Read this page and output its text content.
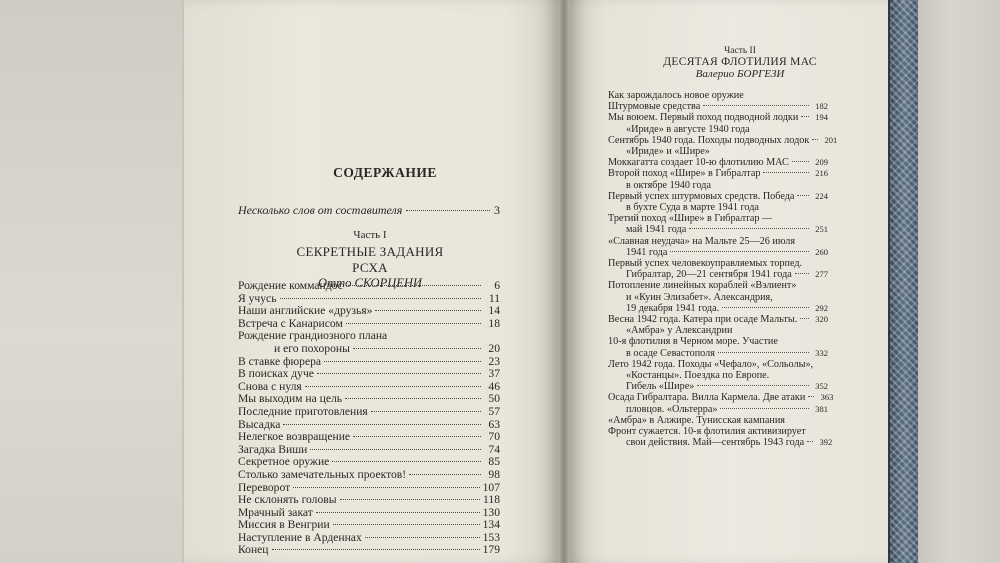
СОДЕРЖАНИЕ
Несколько слов от составителя	3
Часть I
СЕКРЕТНЫЕ ЗАДАНИЯ РСХА
Отто СКОРЦЕНИ
Рождение коммандос	6
Я учусь	11
Наши английские «друзья»	14
Встреча с Канарисом	18
Рождение грандиозного плана
и его похороны	20
В ставке фюрера	23
В поисках дуче	37
Снова с нуля	46
Мы выходим на цель	50
Последние приготовления	57
Высадка	63
Нелегкое возвращение	70
Загадка Виши	74
Секретное оружие	85
Столько замечательных проектов!	98
Переворот	107
Не склонять головы	118
Мрачный закат	130
Миссия в Венгрии	134
Наступление в Арденнах	153
Конец	179
Часть II
ДЕСЯТАЯ ФЛОТИЛИЯ МАС
Валерио БОРГЕЗИ
Как зарождалось новое оружие
Штурмовые средства	182
Мы воюем. Первый поход подводной лодки	194
«Ириде» в августе 1940 года
Сентябрь 1940 года. Походы подводных лодок	201
«Ириде» и «Шире»
Моккагатта создает 10-ю флотилию МАС	209
Второй поход «Шире» в Гибралтар	216
в октябре 1940 года
Первый успех штурмовых средств. Победа	224
в бухте Суда в марте 1941 года
Третий поход «Шире» в Гибралтар —
май 1941 года	251
«Славная неудача» на Мальте 25—26 июля
1941 года	260
Первый успех человекоуправляемых торпед.
Гибралтар, 20—21 сентября 1941 года	277
Потопление линейных кораблей «Вэлиент»
и «Куин Элизабет». Александрия,
19 декабря 1941 года.	292
Весна 1942 года. Катера при осаде Мальты.	320
«Амбра» у Александрии
10-я флотилия в Черном море. Участие
в осаде Севастополя	332
Лето 1942 года. Походы «Чефало», «Сольолы»,
«Костанцы». Поездка по Европе.
Гибель «Шире»	352
Осада Гибралтара. Вилла Кармела. Две атаки	363
пловцов. «Ольтерра»	381
«Амбра» в Алжире. Тунисская кампания
Фронт сужается. 10-я флотилия активизирует
свои действия. Май—сентябрь 1943 года	392
